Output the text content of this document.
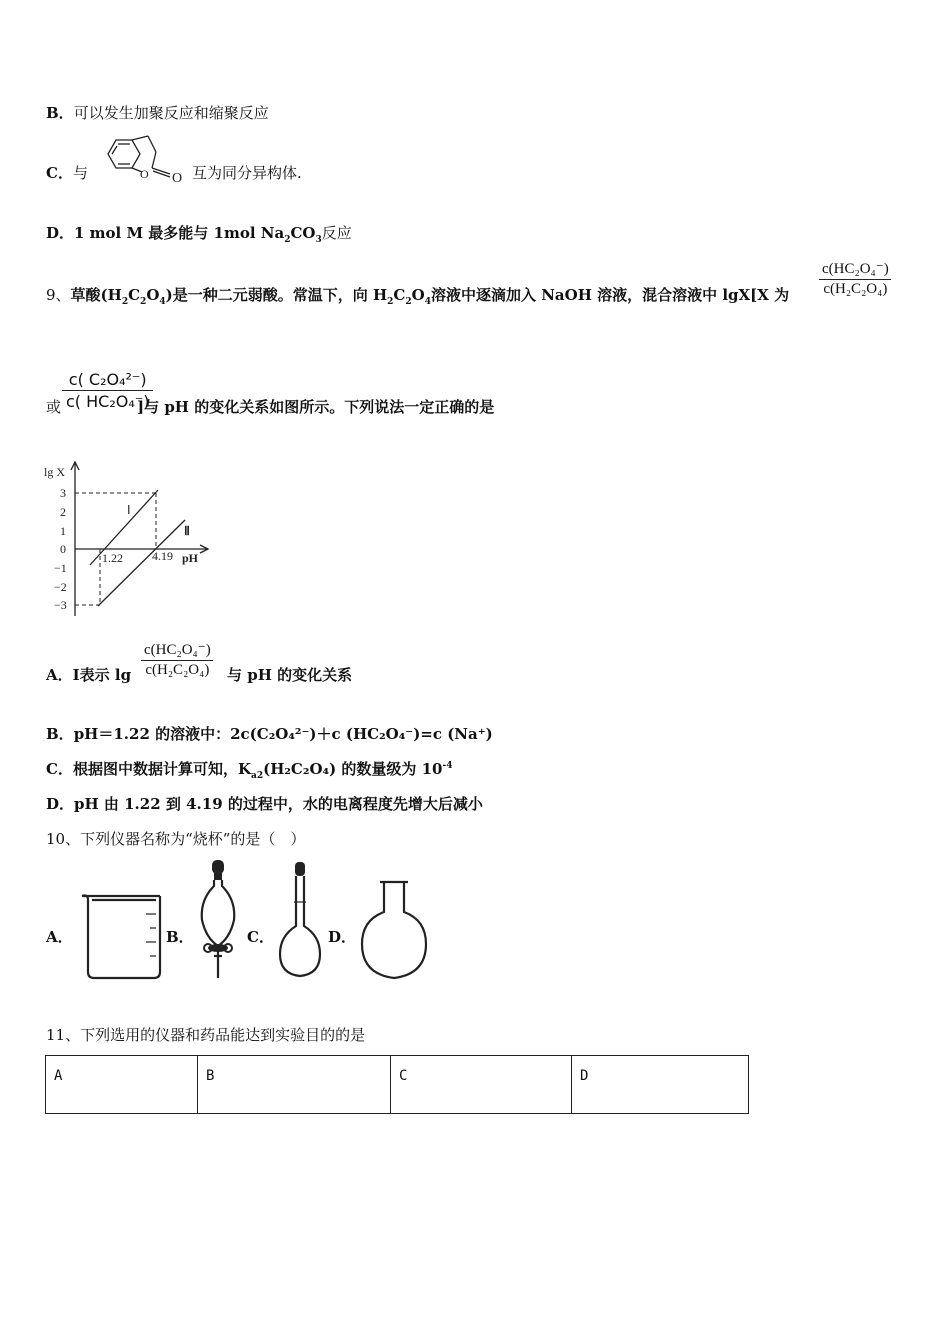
B．可以发生加聚反应和缩聚反应
C．与	O O 互为同分异构体.
D．1 mol M 最多能与 1mol $Na_2CO_3$反应
9、草酸$(H_2C_2O_4)$是一种二元弱酸。常温下，向 $H_2C_2O_4$溶液中逐滴加入 NaOH 溶液，混合溶液中 lgX[X 为 $\frac{\text{c(HC₂O₄⁻)}}{\text{c(H₂C₂O₄)}}$
或 $\frac{\text{c( C₂O₄²⁻)}}{\text{c( HC₂O₄⁻)}}$
]与 pH 的变化关系如图所示。下列说法一定正确的是
lg X
3
2
1
0
−1
−2
−3
1.22 4.19 pH
Ⅰ
Ⅱ
A．Ⅰ表示 $\lg \frac{\text{c(HC₂O₄⁻)}}{\text{c(H₂C₂O₄)}}$ 与 pH 的变化关系
B．pH＝1.22 的溶液中：2c(C₂O₄²⁻)＋c (HC₂O₄⁻)=c (Na⁺)
C．根据图中数据计算可知，$K_{a2}(H_2C_2O_4)$ 的数量级为 $10^{-4}$
D．pH 由 1.22 到 4.19 的过程中，水的电离程度先增大后减小
10、下列仪器名称为“烧杯”的是（　）
A．	B．	C．	D．
11、下列选用的仪器和药品能达到实验目的的是
A	B	C	D
